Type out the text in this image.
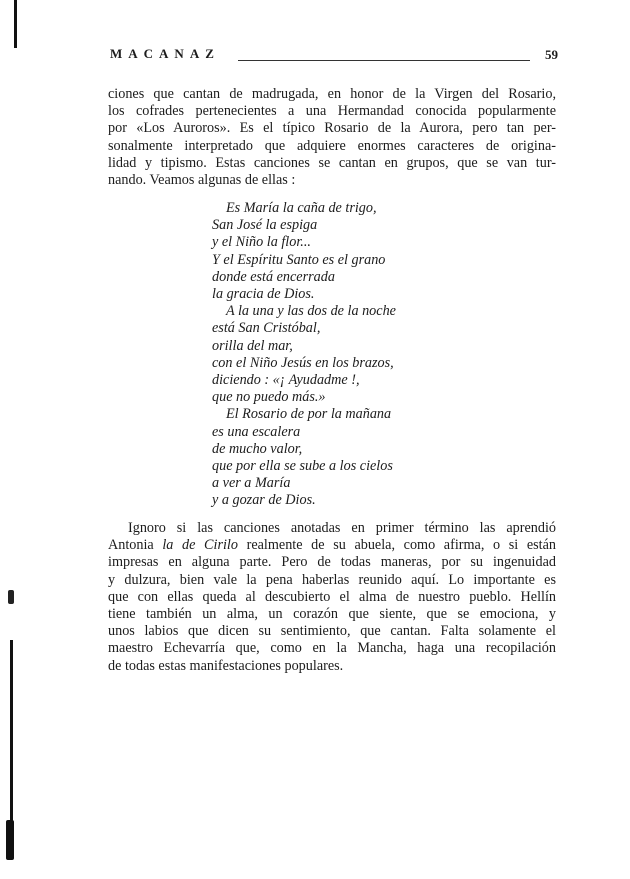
MACANAZ	59
ciones que cantan de madrugada, en honor de la Virgen del Rosario,
los cofrades pertenecientes a una Hermandad conocida popularmente
por «Los Auroros». Es el típico Rosario de la Aurora, pero tan per-
sonalmente interpretado que adquiere enormes caracteres de origina-
lidad y tipismo. Estas canciones se cantan en grupos, que se van tur-
nando. Veamos algunas de ellas :
Es María la caña de trigo,
San José la espiga
y el Niño la flor...
Y el Espíritu Santo es el grano
donde está encerrada
la gracia de Dios.
A la una y las dos de la noche
está San Cristóbal,
orilla del mar,
con el Niño Jesús en los brazos,
diciendo : «¡ Ayudadme !,
que no puedo más.»
El Rosario de por la mañana
es una escalera
de mucho valor,
que por ella se sube a los cielos
a ver a María
y a gozar de Dios.
Ignoro si las canciones anotadas en primer término las aprendió
Antonia la de Cirilo realmente de su abuela, como afirma, o si están
impresas en alguna parte. Pero de todas maneras, por su ingenuidad
y dulzura, bien vale la pena haberlas reunido aquí. Lo importante es
que con ellas queda al descubierto el alma de nuestro pueblo. Hellín
tiene también un alma, un corazón que siente, que se emociona, y
unos labios que dicen su sentimiento, que cantan. Falta solamente el
maestro Echevarría que, como en la Mancha, haga una recopilación
de todas estas manifestaciones populares.
